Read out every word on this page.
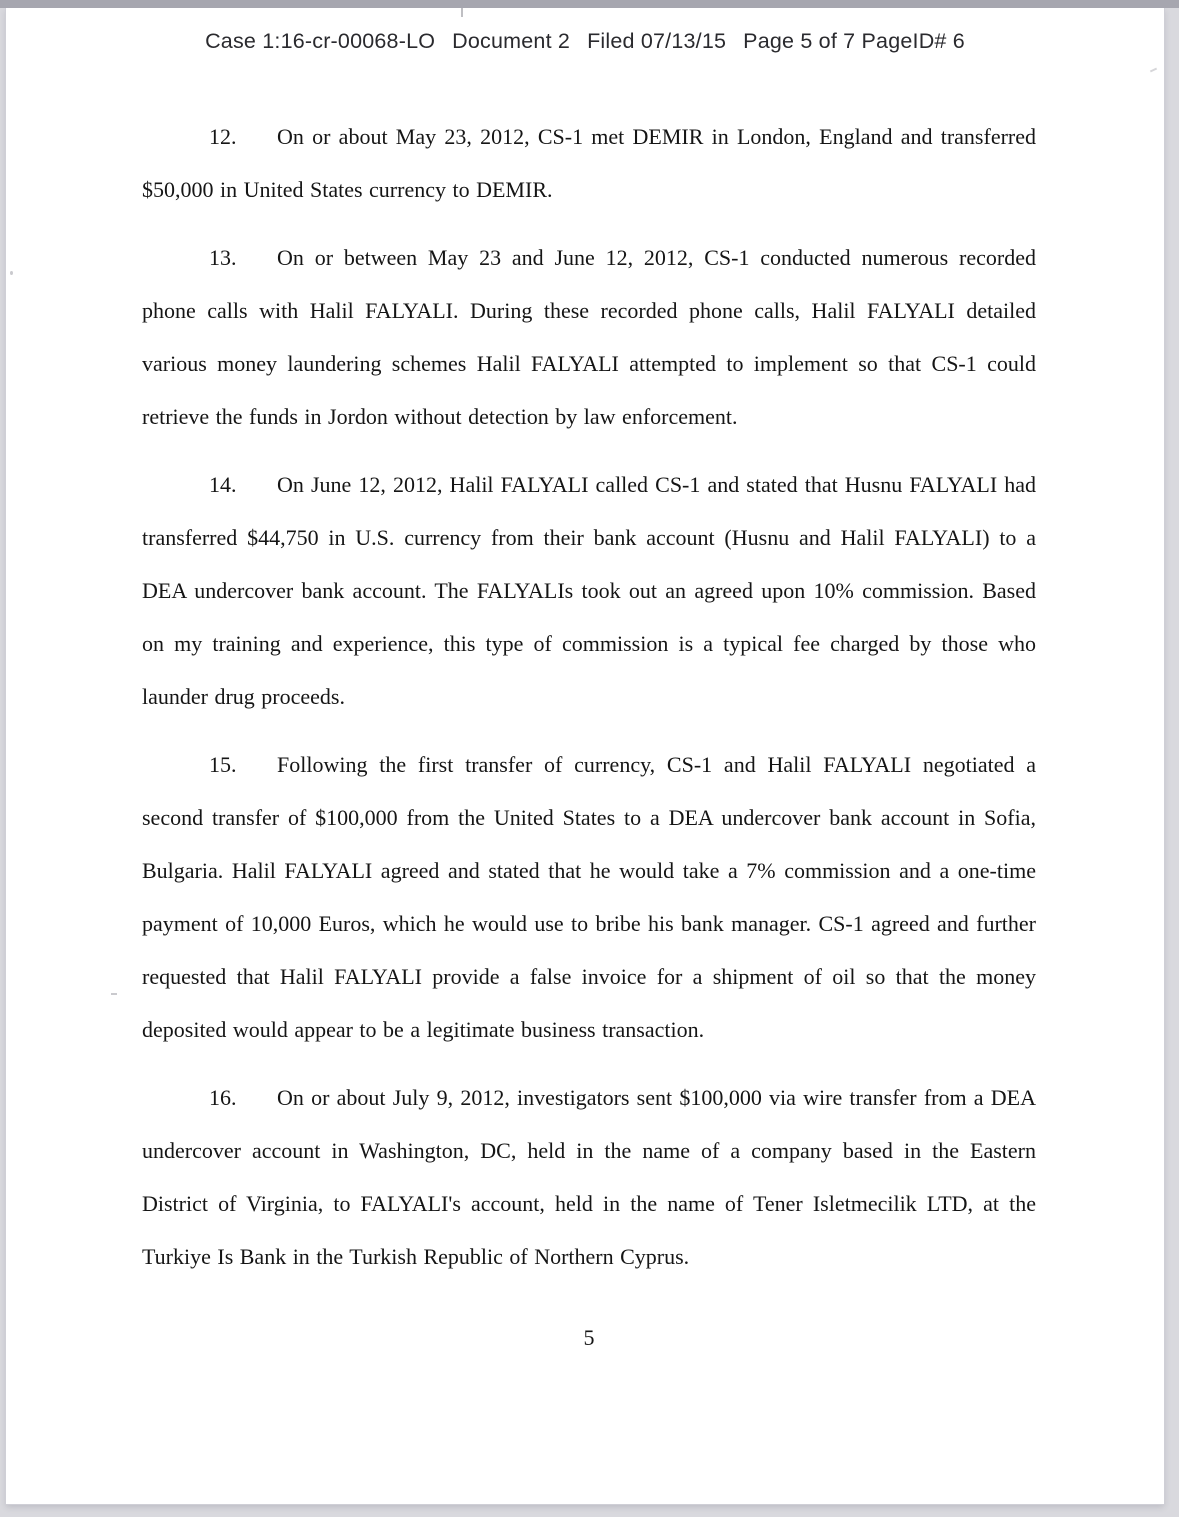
Case 1:16-cr-00068-LO Document 2 Filed 07/13/15 Page 5 of 7 PageID# 6

12. On or about May 23, 2012, CS-1 met DEMIR in London, England and transferred $50,000 in United States currency to DEMIR.

13. On or between May 23 and June 12, 2012, CS-1 conducted numerous recorded phone calls with Halil FALYALI. During these recorded phone calls, Halil FALYALI detailed various money laundering schemes Halil FALYALI attempted to implement so that CS-1 could retrieve the funds in Jordon without detection by law enforcement.

14. On June 12, 2012, Halil FALYALI called CS-1 and stated that Husnu FALYALI had transferred $44,750 in U.S. currency from their bank account (Husnu and Halil FALYALI) to a DEA undercover bank account. The FALYALIs took out an agreed upon 10% commission. Based on my training and experience, this type of commission is a typical fee charged by those who launder drug proceeds.

15. Following the first transfer of currency, CS-1 and Halil FALYALI negotiated a second transfer of $100,000 from the United States to a DEA undercover bank account in Sofia, Bulgaria. Halil FALYALI agreed and stated that he would take a 7% commission and a one-time payment of 10,000 Euros, which he would use to bribe his bank manager. CS-1 agreed and further requested that Halil FALYALI provide a false invoice for a shipment of oil so that the money deposited would appear to be a legitimate business transaction.

16. On or about July 9, 2012, investigators sent $100,000 via wire transfer from a DEA undercover account in Washington, DC, held in the name of a company based in the Eastern District of Virginia, to FALYALI's account, held in the name of Tener Isletmecilik LTD, at the Turkiye Is Bank in the Turkish Republic of Northern Cyprus.

5
